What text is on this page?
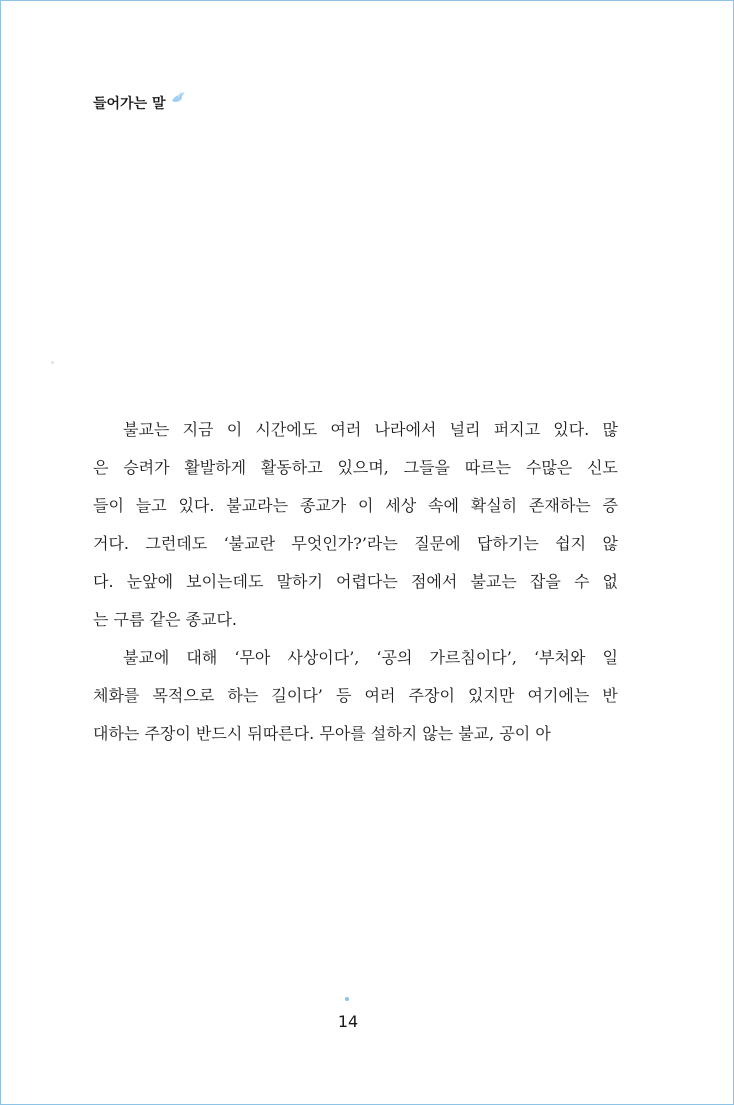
들어가는 말
불교는 지금 이 시간에도 여러 나라에서 널리 퍼지고 있다. 많
은 승려가 활발하게 활동하고 있으며, 그들을 따르는 수많은 신도
들이 늘고 있다. 불교라는 종교가 이 세상 속에 확실히 존재하는 증
거다. 그런데도 ‘불교란 무엇인가?’라는 질문에 답하기는 쉽지 않
다. 눈앞에 보이는데도 말하기 어렵다는 점에서 불교는 잡을 수 없
는 구름 같은 종교다.
불교에 대해 ‘무아 사상이다’, ‘공의 가르침이다’, ‘부처와 일
체화를 목적으로 하는 길이다’ 등 여러 주장이 있지만 여기에는 반
대하는 주장이 반드시 뒤따른다. 무아를 설하지 않는 불교, 공이 아
14
